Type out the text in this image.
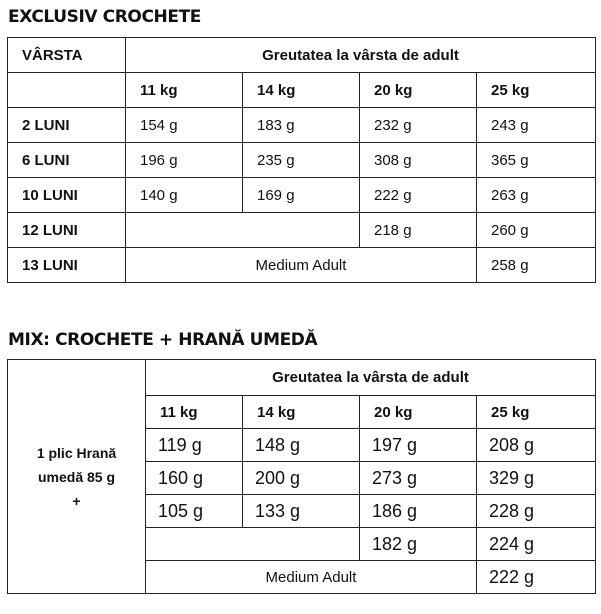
EXCLUSIV CROCHETE
VÂRSTA	Greutatea la vârsta de adult			
	11 kg	14 kg	20 kg	25 kg
2 LUNI	154 g	183 g	232 g	243 g
6 LUNI	196 g	235 g	308 g	365 g
10 LUNI	140 g	169 g	222 g	263 g
12 LUNI			218 g	260 g
13 LUNI	Medium Adult			258 g
MIX: CROCHETE + HRANĂ UMEDĂ
1 plic Hrană
umedă 85 g
+	Greutatea la vârsta de adult			
	11 kg	14 kg	20 kg	25 kg
	119 g	148 g	197 g	208 g
	160 g	200 g	273 g	329 g
	105 g	133 g	186 g	228 g
			182 g	224 g
	Medium Adult			222 g
